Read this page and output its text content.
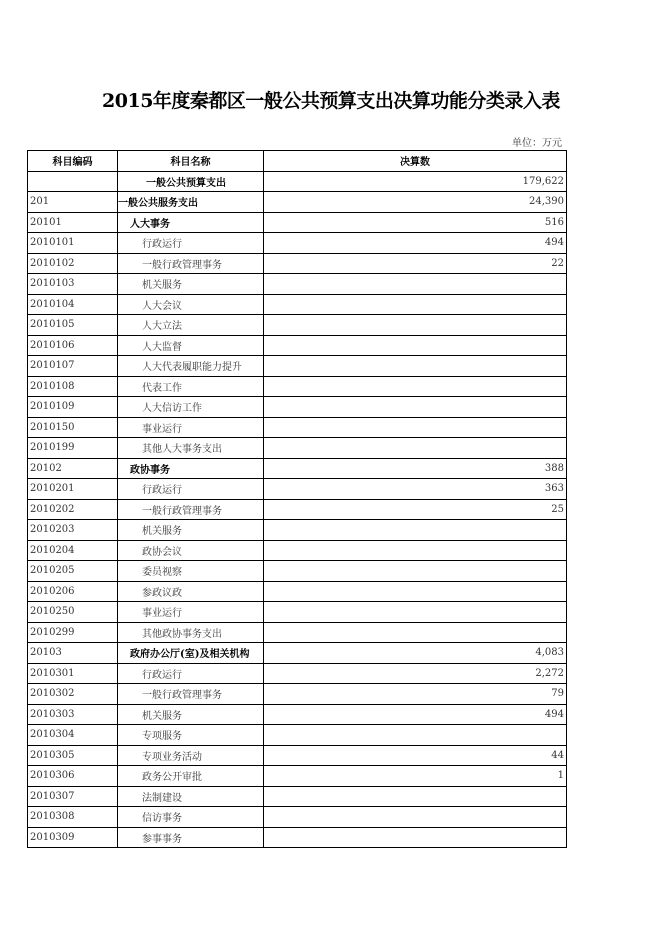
2015年度秦都区一般公共预算支出决算功能分类录入表
单位：万元
科目编码	科目名称	决算数
	一般公共预算支出	179,622
201	一般公共服务支出	24,390
20101	人大事务	516
2010101	行政运行	494
2010102	一般行政管理事务	22
2010103	机关服务	
2010104	人大会议	
2010105	人大立法	
2010106	人大监督	
2010107	人大代表履职能力提升	
2010108	代表工作	
2010109	人大信访工作	
2010150	事业运行	
2010199	其他人大事务支出	
20102	政协事务	388
2010201	行政运行	363
2010202	一般行政管理事务	25
2010203	机关服务	
2010204	政协会议	
2010205	委员视察	
2010206	参政议政	
2010250	事业运行	
2010299	其他政协事务支出	
20103	政府办公厅(室)及相关机构	4,083
2010301	行政运行	2,272
2010302	一般行政管理事务	79
2010303	机关服务	494
2010304	专项服务	
2010305	专项业务活动	44
2010306	政务公开审批	1
2010307	法制建设	
2010308	信访事务	
2010309	参事事务	
